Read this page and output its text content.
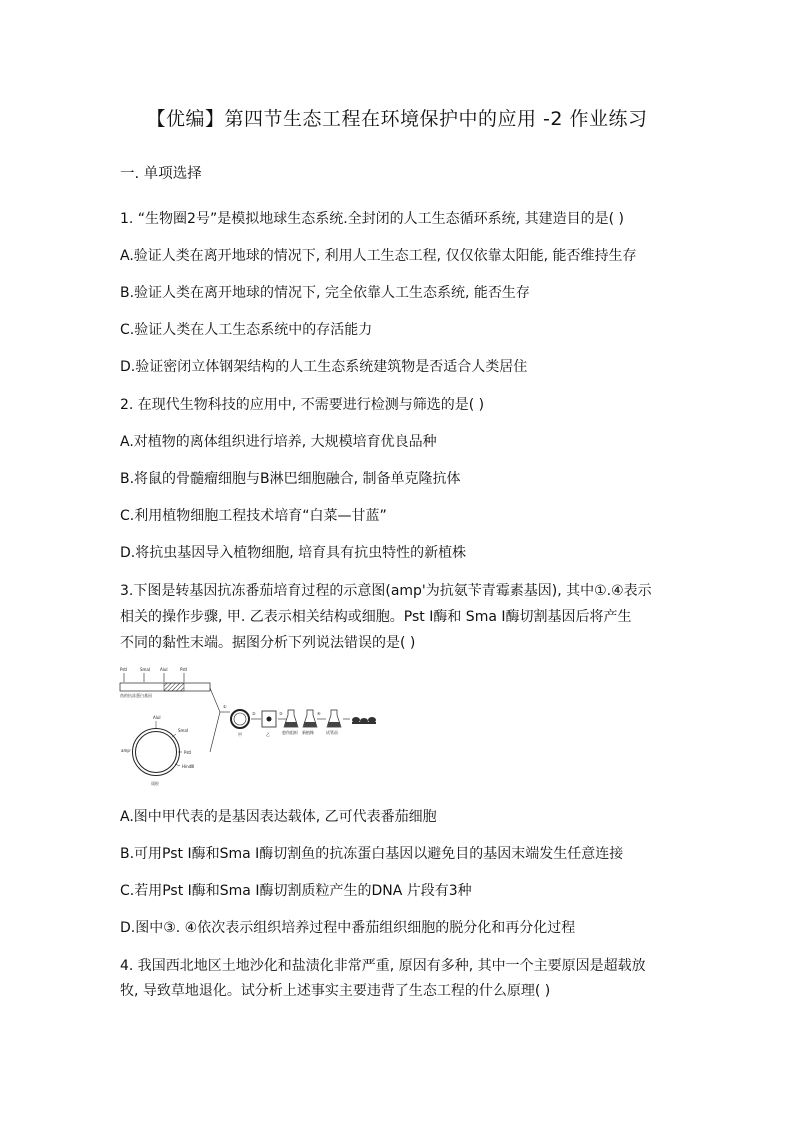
【优编】第四节生态工程在环境保护中的应用 -2 作业练习
一. 单项选择
1. “生物圈2号”是模拟地球生态系统.全封闭的人工生态循环系统, 其建造目的是( )
A.验证人类在离开地球的情况下, 利用人工生态工程, 仅仅依靠太阳能, 能否维持生存
B.验证人类在离开地球的情况下, 完全依靠人工生态系统, 能否生存
C.验证人类在人工生态系统中的存活能力
D.验证密闭立体钢架结构的人工生态系统建筑物是否适合人类居住
2. 在现代生物科技的应用中, 不需要进行检测与筛选的是( )
A.对植物的离体组织进行培养, 大规模培育优良品种
B.将鼠的骨髓瘤细胞与B淋巴细胞融合, 制备单克隆抗体
C.利用植物细胞工程技术培育“白菜—甘蓝”
D.将抗虫基因导入植物细胞, 培育具有抗虫特性的新植株
3.下图是转基因抗冻番茄培育过程的示意图(amp'为抗氨苄青霉素基因), 其中①.④表示
相关的操作步骤, 甲. 乙表示相关结构或细胞。Pst Ⅰ酶和 Sma Ⅰ酶切割基因后将产生
不同的黏性末端。据图分析下列说法错误的是( )
PstⅠ	SmaⅠ AluⅠ	PstⅠ
鱼的抗冻蛋白基因
AluⅠ
SmaⅠ
PstⅠ
HindⅢ
ampʳ
质粒
①
甲
②
乙
③	④
愈伤组织 新植株	试管苗
A.图中甲代表的是基因表达载体, 乙可代表番茄细胞
B.可用Pst Ⅰ酶和Sma Ⅰ酶切割鱼的抗冻蛋白基因以避免目的基因末端发生任意连接
C.若用Pst Ⅰ酶和Sma Ⅰ酶切割质粒产生的DNA 片段有3种
D.图中③. ④依次表示组织培养过程中番茄组织细胞的脱分化和再分化过程
4. 我国西北地区土地沙化和盐渍化非常严重, 原因有多种, 其中一个主要原因是超载放
牧, 导致草地退化。试分析上述事实主要违背了生态工程的什么原理( )
